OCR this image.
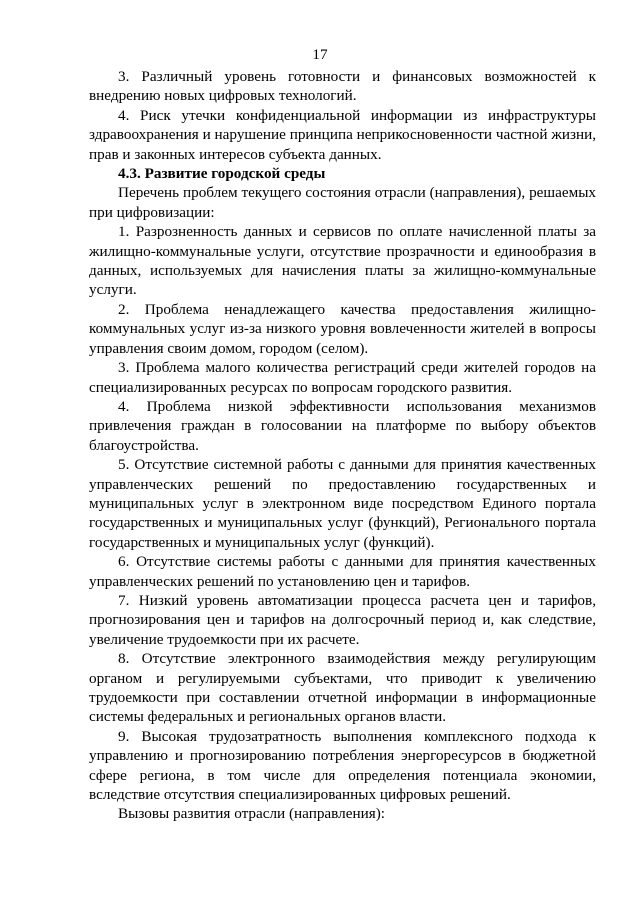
17

3. Различный уровень готовности и финансовых возможностей к внедрению новых цифровых технологий.

4. Риск утечки конфиденциальной информации из инфраструктуры здравоохранения и нарушение принципа неприкосновенности частной жизни, прав и законных интересов субъекта данных.

4.3. Развитие городской среды

Перечень проблем текущего состояния отрасли (направления), решаемых при цифровизации:

1. Разрозненность данных и сервисов по оплате начисленной платы за жилищно-коммунальные услуги, отсутствие прозрачности и единообразия в данных, используемых для начисления платы за жилищно-коммунальные услуги.

2. Проблема ненадлежащего качества предоставления жилищно-коммунальных услуг из-за низкого уровня вовлеченности жителей в вопросы управления своим домом, городом (селом).

3. Проблема малого количества регистраций среди жителей городов на специализированных ресурсах по вопросам городского развития.

4. Проблема низкой эффективности использования механизмов привлечения граждан в голосовании на платформе по выбору объектов благоустройства.

5. Отсутствие системной работы с данными для принятия качественных управленческих решений по предоставлению государственных и муниципальных услуг в электронном виде посредством Единого портала государственных и муниципальных услуг (функций), Регионального портала государственных и муниципальных услуг (функций).

6. Отсутствие системы работы с данными для принятия качественных управленческих решений по установлению цен и тарифов.

7. Низкий уровень автоматизации процесса расчета цен и тарифов, прогнозирования цен и тарифов на долгосрочный период и, как следствие, увеличение трудоемкости при их расчете.

8. Отсутствие электронного взаимодействия между регулирующим органом и регулируемыми субъектами, что приводит к увеличению трудоемкости при составлении отчетной информации в информационные системы федеральных и региональных органов власти.

9. Высокая трудозатратность выполнения комплексного подхода к управлению и прогнозированию потребления энергоресурсов в бюджетной сфере региона, в том числе для определения потенциала экономии, вследствие отсутствия специализированных цифровых решений.

Вызовы развития отрасли (направления):
